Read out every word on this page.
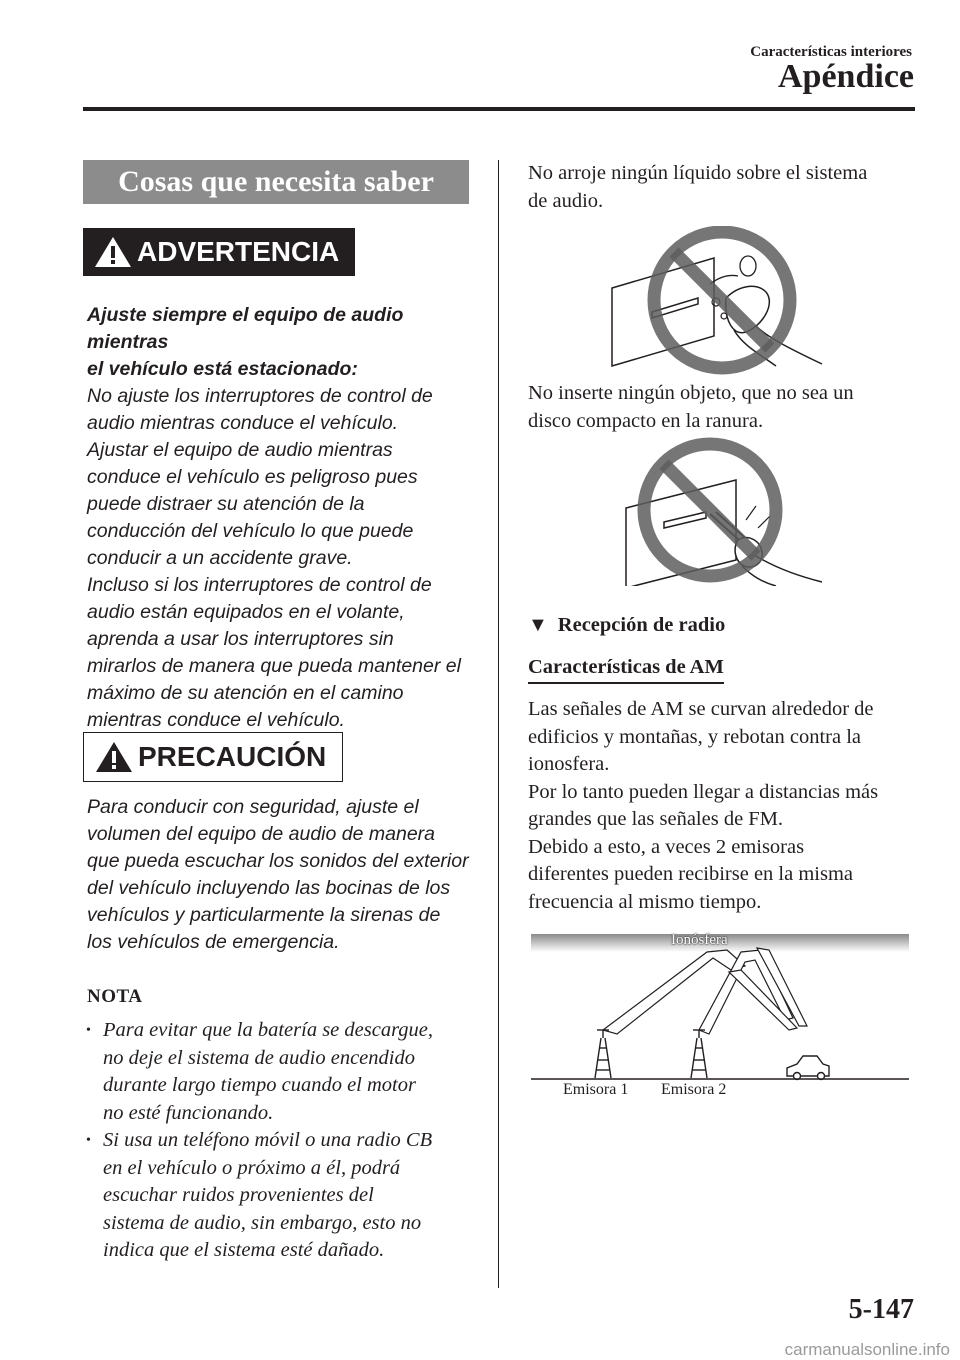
Características interiores
Apéndice
Cosas que necesita saber
ADVERTENCIA

Ajuste siempre el equipo de audio mientras

el vehículo está estacionado:

No ajuste los interruptores de control de

audio mientras conduce el vehículo.

Ajustar el equipo de audio mientras

conduce el vehículo es peligroso pues

puede distraer su atención de la

conducción del vehículo lo que puede

conducir a un accidente grave.

Incluso si los interruptores de control de

audio están equipados en el volante,

aprenda a usar los interruptores sin

mirarlos de manera que pueda mantener el

máximo de su atención en el camino

mientras conduce el vehículo.

PRECAUCIÓN

Para conducir con seguridad, ajuste el

volumen del equipo de audio de manera

que pueda escuchar los sonidos del exterior

del vehículo incluyendo las bocinas de los

vehículos y particularmente la sirenas de

los vehículos de emergencia.

NOTA

• Para evitar que la batería se descargue,

no deje el sistema de audio encendido

durante largo tiempo cuando el motor

no esté funcionando.

• Si usa un teléfono móvil o una radio CB

en el vehículo o próximo a él, podrá

escuchar ruidos provenientes del

sistema de audio, sin embargo, esto no

indica que el sistema esté dañado.

No arroje ningún líquido sobre el sistema

de audio.

No inserte ningún objeto, que no sea un

disco compacto en la ranura.

▼ Recepción de radio
Características de AM

Las señales de AM se curvan alrededor de

edificios y montañas, y rebotan contra la

ionosfera.

Por lo tanto pueden llegar a distancias más

grandes que las señales de FM.

Debido a esto, a veces 2 emisoras

diferentes pueden recibirse en la misma

frecuencia al mismo tiempo.

Ionósfera
Emisora 1 Emisora 2
5-147
carmanualsonline.info
